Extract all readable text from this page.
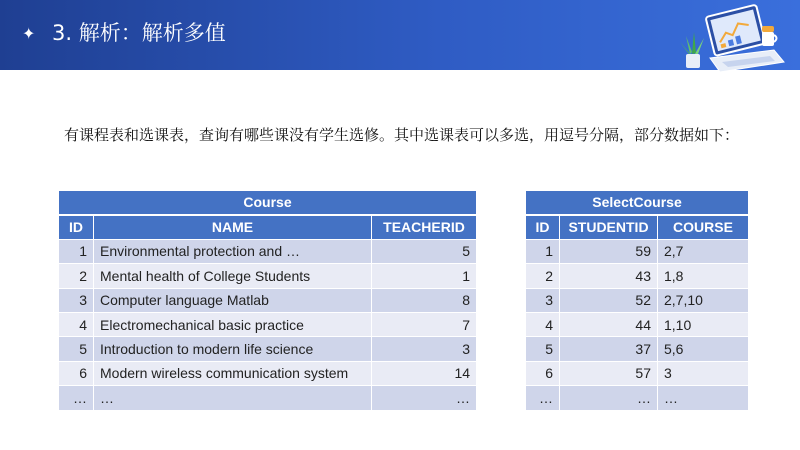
✦ 3. 解析：解析多值

有课程表和选课表，查询有哪些课没有学生选修。其中选课表可以多选，用逗号分隔，部分数据如下：

Course		
ID	NAME	TEACHERID
1	Environmental protection and …	5
2	Mental health of College Students	1
3	Computer language Matlab	8
4	Electromechanical basic practice	7
5	Introduction to modern life science	3
6	Modern wireless communication system	14
…	…	…
SelectCourse		
ID	STUDENTID	COURSE
1	59	2,7
2	43	1,8
3	52	2,7,10
4	44	1,10
5	37	5,6
6	57	3
…	…	…
